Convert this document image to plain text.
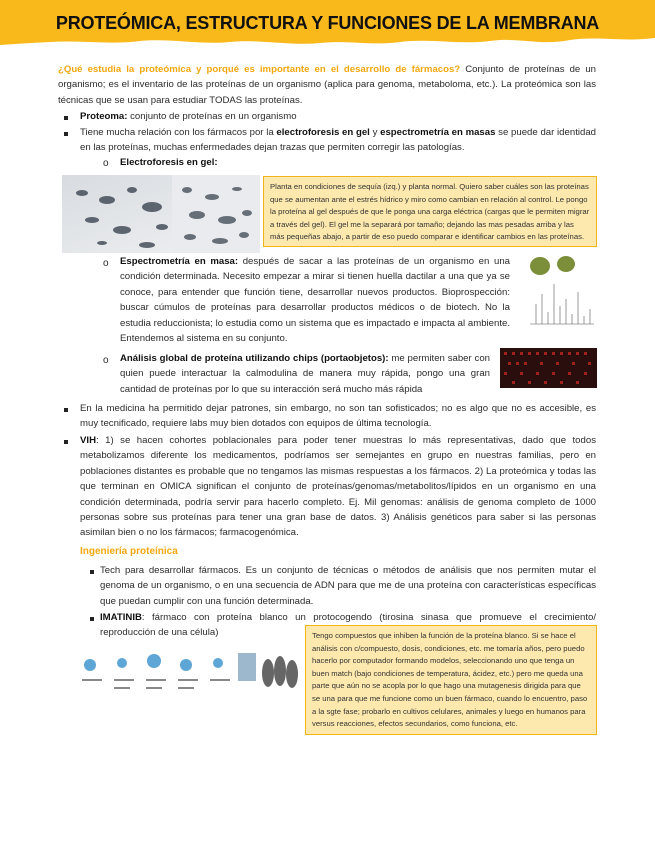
PROTEÓMICA, ESTRUCTURA Y FUNCIONES DE LA MEMBRANA
¿Qué estudia la proteómica y porqué es importante en el desarrollo de fármacos? Conjunto de proteínas de un organismo; es el inventario de las proteínas de un organismo (aplica para genoma, metaboloma, etc.). La proteómica son las técnicas que se usan para estudiar TODAS las proteínas.
Proteoma: conjunto de proteínas en un organismo
Tiene mucha relación con los fármacos por la electroforesis en gel y espectrometría en masas se puede dar identidad en las proteínas, muchas enfermedades dejan trazas que permiten corregir las patologías.
o Electroforesis en gel:
Planta en condiciones de sequía (izq.) y planta normal. Quiero saber cuáles son las proteínas que se aumentan ante el estrés hídrico y miro como cambian en relación al control. Le pongo la proteína al gel después de que le ponga una carga eléctrica (cargas que le permiten migrar a través del gel). El gel me la separará por tamaño; dejando las mas pesadas arriba y las más pequeñas abajo, a partir de eso puedo comparar e identificar cambios en las proteínas.
o Espectrometría en masa: después de sacar a las proteínas de un organismo en una condición determinada. Necesito empezar a mirar si tienen huella dactilar a una que ya se conoce, para entender que función tiene, desarrollar nuevos productos. Bioprospección: buscar cúmulos de proteínas para desarrollar productos médicos o de biotech. No la estudia reduccionista; lo estudia como un sistema que es impactado e impacta al ambiente. Entendemos al sistema en su conjunto.
o Análisis global de proteína utilizando chips (portaobjetos): me permiten saber con quien puede interactuar la calmodulina de manera muy rápida, pongo una gran cantidad de proteínas por lo que su interacción será mucho más rápida
En la medicina ha permitido dejar patrones, sin embargo, no son tan sofisticados; no es algo que no es accesible, es muy tecnificado, requiere labs muy bien dotados con equipos de última tecnología.
VIH: 1) se hacen cohortes poblacionales para poder tener muestras lo más representativas, dado que todos metabolizamos diferente los medicamentos, podríamos ser semejantes en grupo en nuestras familias, pero en poblaciones distantes es probable que no tengamos las mismas respuestas a los fármacos. 2) La proteómica y todas las que terminan en OMICA significan el conjunto de proteínas/genomas/metabolitos/lípidos en un organismo en una condición determinada, podría servir para hacerlo completo. Ej. Mil genomas: análisis de genoma completo de 1000 personas sobre sus proteínas para tener una gran base de datos. 3) Análisis genéticos para saber si las personas asimilan bien o no los fármacos; farmacogenómica.
Ingeniería proteínica
Tech para desarrollar fármacos. Es un conjunto de técnicas o métodos de análisis que nos permiten mutar el genoma de un organismo, o en una secuencia de ADN para que me de una proteína con características específicas que puedan cumplir con una función determinada.
IMATINIB: fármaco con proteína blanco un protocogendo (tirosina sinasa que promueve el crecimiento/ reproducción de una célula)	Tengo compuestos que inhiben la función de la proteína blanco. Si se hace el análisis con c/compuesto, dosis, condiciones, etc. me tomaría años, pero puedo hacerlo por computador formando modelos, seleccionando uno que tenga un buen match (bajo condiciones de temperatura, ácidez, etc.) pero me queda una parte que aún no se acopla por lo que hago una mutagenesis dirigida para que se una para que me funcione como un buen fármaco, cuando lo encuentro, paso a la sgte fase; probarlo en cultivos celulares, animales y luego en humanos para versus reacciones, efectos secundarios, como funciona, etc.
